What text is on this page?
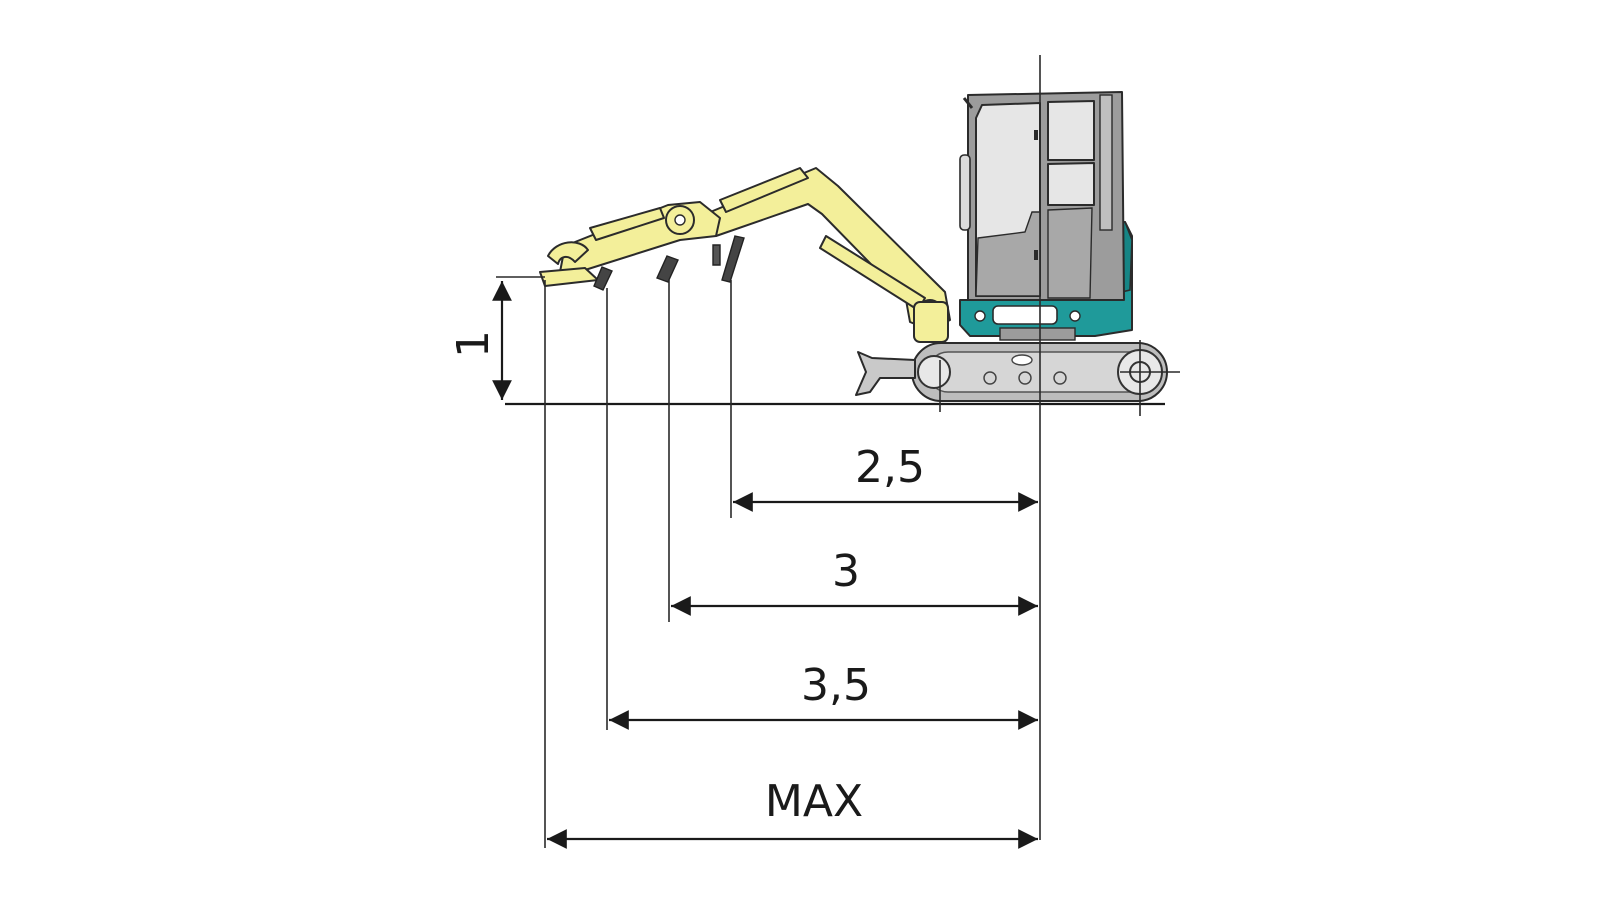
1
2,5
3
3,5
MAX
